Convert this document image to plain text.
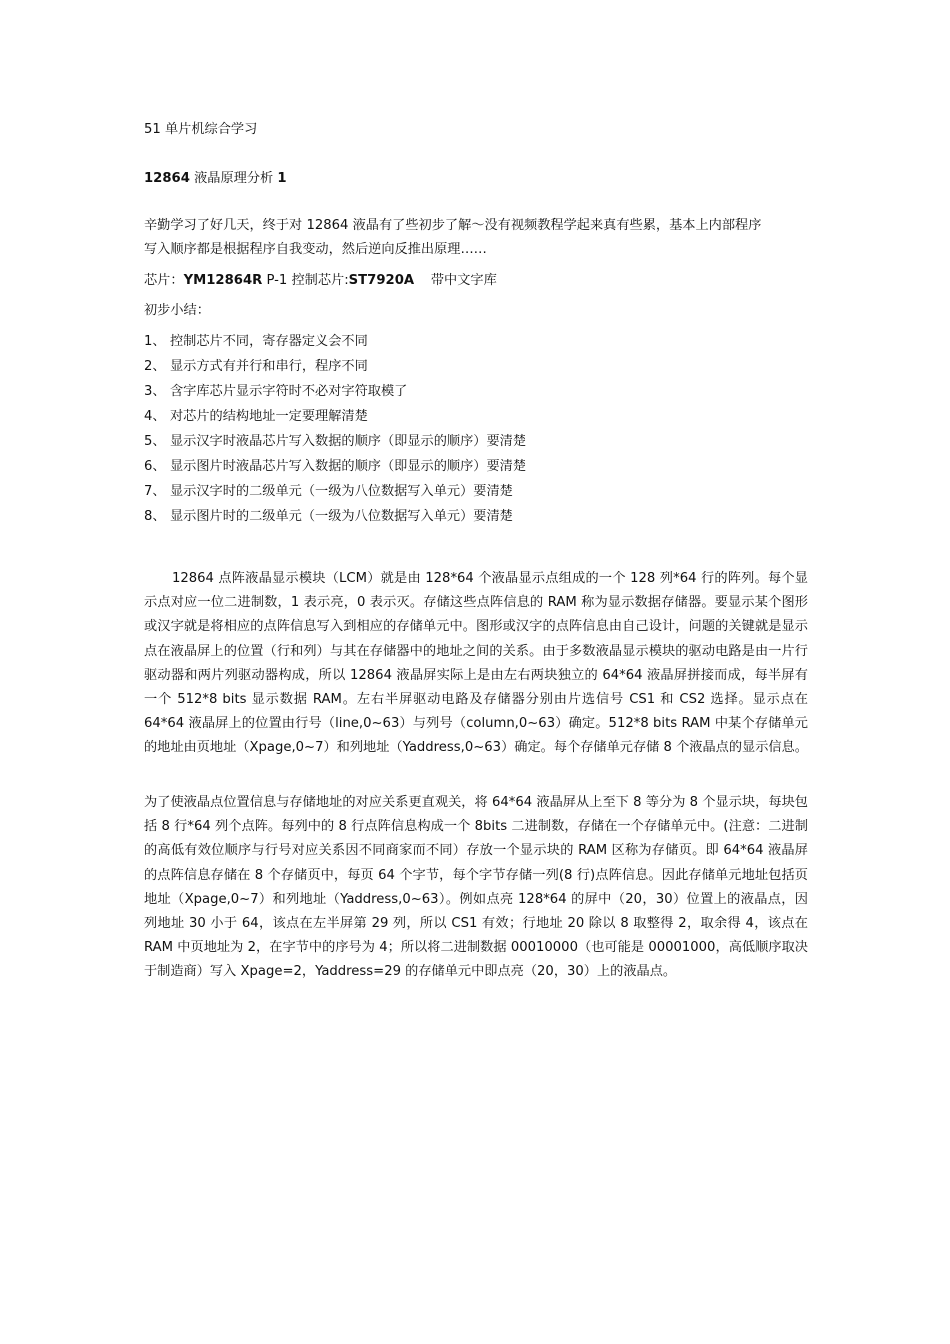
51 单片机综合学习
12864 液晶原理分析 1
辛勤学习了好几天，终于对 12864 液晶有了些初步了解～没有视频教程学起来真有些累，基本上内部程序
写入顺序都是根据程序自我变动，然后逆向反推出原理……
芯片：YM12864R P-1 控制芯片:ST7920A    带中文字库
初步小结：
1、 控制芯片不同，寄存器定义会不同
2、 显示方式有并行和串行，程序不同
3、 含字库芯片显示字符时不必对字符取模了
4、 对芯片的结构地址一定要理解清楚
5、 显示汉字时液晶芯片写入数据的顺序（即显示的顺序）要清楚
6、 显示图片时液晶芯片写入数据的顺序（即显示的顺序）要清楚
7、 显示汉字时的二级单元（一级为八位数据写入单元）要清楚
8、 显示图片时的二级单元（一级为八位数据写入单元）要清楚

12864 点阵液晶显示模块（LCM）就是由 128*64 个液晶显示点组成的一个 128 列*64 行的阵列。每个显示点对应一位二进制数，1 表示亮，0 表示灭。存储这些点阵信息的 RAM 称为显示数据存储器。要显示某个图形或汉字就是将相应的点阵信息写入到相应的存储单元中。图形或汉字的点阵信息由自己设计，问题的关键就是显示点在液晶屏上的位置（行和列）与其在存储器中的地址之间的关系。由于多数液晶显示模块的驱动电路是由一片行驱动器和两片列驱动器构成，所以 12864 液晶屏实际上是由左右两块独立的 64*64 液晶屏拼接而成，每半屏有一个 512*8 bits 显示数据 RAM。左右半屏驱动电路及存储器分别由片选信号 CS1 和 CS2 选择。显示点在 64*64 液晶屏上的位置由行号（line,0~63）与列号（column,0~63）确定。512*8 bits RAM 中某个存储单元的地址由页地址（Xpage,0~7）和列地址（Yaddress,0~63）确定。每个存储单元存储 8 个液晶点的显示信息。

为了使液晶点位置信息与存储地址的对应关系更直观关，将 64*64 液晶屏从上至下 8 等分为 8 个显示块，每块包括 8 行*64 列个点阵。每列中的 8 行点阵信息构成一个 8bits 二进制数，存储在一个存储单元中。(注意：二进制的高低有效位顺序与行号对应关系因不同商家而不同）存放一个显示块的 RAM 区称为存储页。即 64*64 液晶屏的点阵信息存储在 8 个存储页中，每页 64 个字节，每个字节存储一列(8 行)点阵信息。因此存储单元地址包括页地址（Xpage,0~7）和列地址（Yaddress,0~63）。例如点亮 128*64 的屏中（20，30）位置上的液晶点，因列地址 30 小于 64，该点在左半屏第 29 列，所以 CS1 有效；行地址 20 除以 8 取整得 2，取余得 4，该点在 RAM 中页地址为 2，在字节中的序号为 4；所以将二进制数据 00010000（也可能是 00001000，高低顺序取决于制造商）写入 Xpage=2，Yaddress=29 的存储单元中即点亮（20，30）上的液晶点。
